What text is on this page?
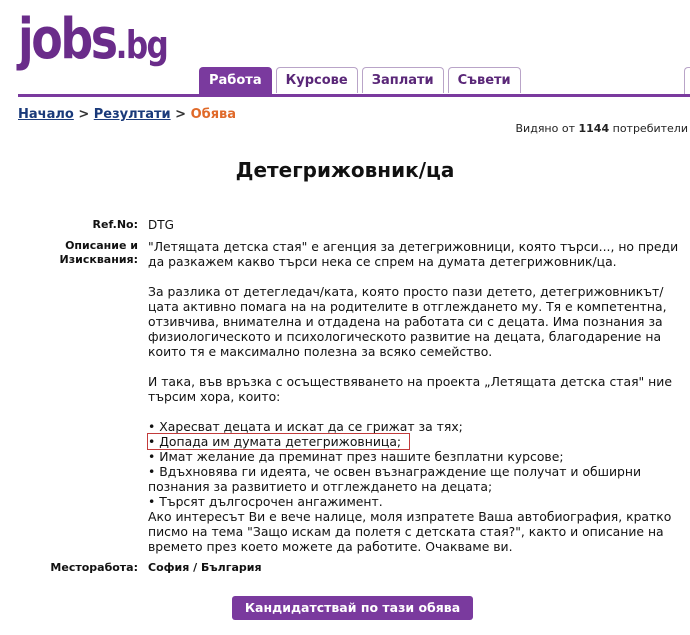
jobs.bg
Работа	Курсове	Заплати	Съвети
Начало > Резултати > Обява
Видяно от 1144 потребители
Детегрижовник/ца
Ref.No: DTG
Описание и
Изисквания:

"Летящата детска стая" е агенция за детегрижовници, която търси..., но преди да разкажем какво търси нека се спрем на думата детегрижовник/ца.

За разлика от детегледач/ката, която просто пази детето, детегрижовникът/цата активно помага на на родителите в отглеждането му. Тя е компетентна, отзивчива, внимателна и отдадена на работата си с децата. Има познания за физиологическото и психологическото развитие на децата, благодарение на които тя е максимално полезна за всяко семейство.

И така, във връзка с осъществяването на проекта „Летящата детска стая" ние търсим хора, които:

• Харесват децата и искат да се грижат за тях;

• Допада им думата детегрижовница;

• Имат желание да преминат през нашите безплатни курсове;

• Вдъхновява ги идеята, че освен възнаграждение ще получат и обширни познания за развитието и отглеждането на децата;

• Търсят дългосрочен ангажимент.

Ако интересът Ви е вече налице, моля изпратете Ваша автобиография, кратко писмо на тема "Защо искам да полетя с детската стая?", както и описание на времето през което можете да работите. Очакваме ви.

Месторабота: София / България
Кандидатствай по тази обява
